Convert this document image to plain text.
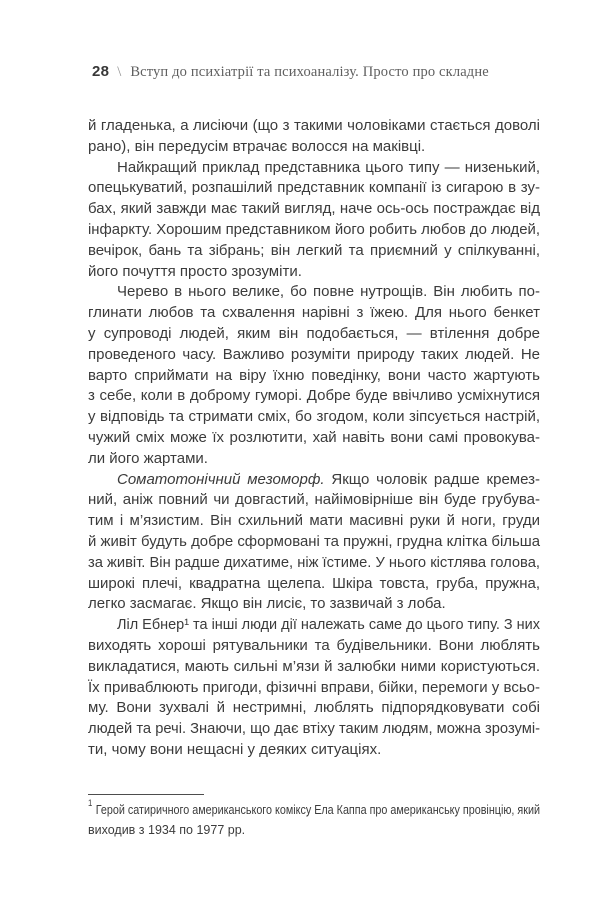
28 \ Вступ до психіатрії та психоаналізу. Просто про складне
й гладенька, а лисіючи (що з такими чоловіками стається доволі
рано), він передусім втрачає волосся на маківці.
Найкращий приклад представника цього типу — низенький,
опецькуватий, розпашілий представник компанії із сигарою в зу-
бах, який завжди має такий вигляд, наче ось-ось постраждає від
інфаркту. Хорошим представником його робить любов до людей,
вечірок, бань та зібрань; він легкий та приємний у спілкуванні,
його почуття просто зрозуміти.
Черево в нього велике, бо повне нутрощів. Він любить по-
глинати любов та схвалення нарівні з їжею. Для нього бенкет
у супроводі людей, яким він подобається, — втілення добре
проведеного часу. Важливо розуміти природу таких людей. Не
варто сприймати на віру їхню поведінку, вони часто жартують
з себе, коли в доброму гуморі. Добре буде ввічливо усміхнутися
у відповідь та стримати сміх, бо згодом, коли зіпсується настрій,
чужий сміх може їх розлютити, хай навіть вони самі провокува-
ли його жартами.
Соматотонічний мезоморф. Якщо чоловік радше кремез-
ний, аніж повний чи довгастий, найімовірніше він буде грубува-
тим і м’язистим. Він схильний мати масивні руки й ноги, груди
й живіт будуть добре сформовані та пружні, грудна клітка більша
за живіт. Він радше дихатиме, ніж їстиме. У нього кістлява голова,
широкі плечі, квадратна щелепа. Шкіра товста, груба, пружна,
легко засмагає. Якщо він лисіє, то зазвичай з лоба.
Ліл Ебнер¹ та інші люди дії належать саме до цього типу. З них
виходять хороші рятувальники та будівельники. Вони люблять
викладатися, мають сильні м’язи й залюбки ними користуються.
Їх приваблюють пригоди, фізичні вправи, бійки, перемоги у всьо-
му. Вони зухвалі й нестримні, люблять підпорядковувати собі
людей та речі. Знаючи, що дає втіху таким людям, можна зрозумі-
ти, чому вони нещасні у деяких ситуаціях.
$^1$Герой сатиричного американського коміксу Ела Каппа про американську провінцію, який
виходив з 1934 по 1977 рр.
